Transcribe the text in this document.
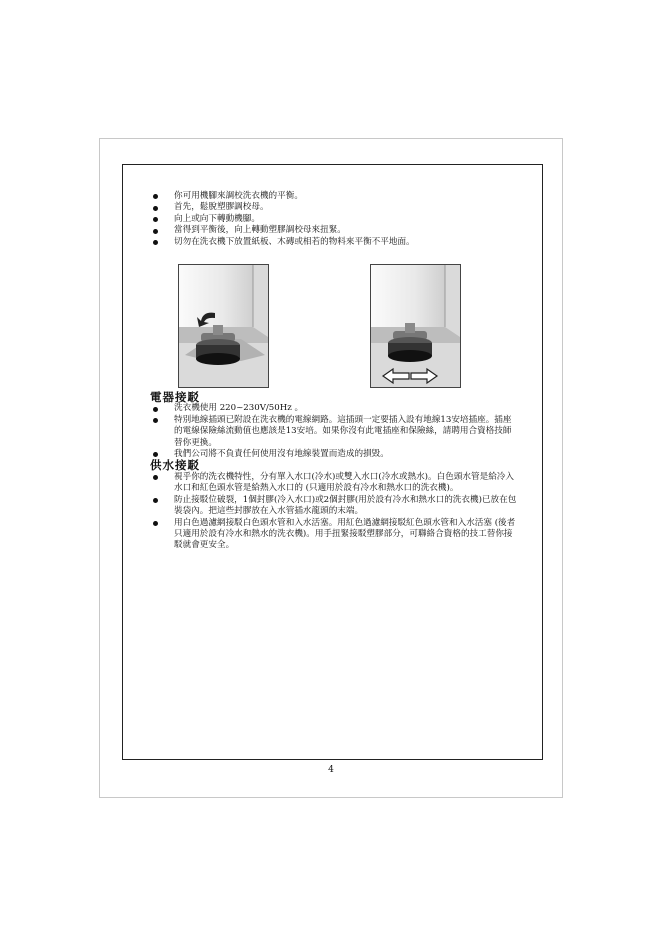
你可用機腳來調校洗衣機的平衡。
首先，鬆脫塑膠調校母。
向上或向下轉動機腳。
當得到平衡後，向上轉動塑膠調校母來扭緊。
切勿在洗衣機下放置紙板、木磚或相若的物料來平衡不平地面。
電器接駁
洗衣機使用 220~230V/50Hz 。
特別地線插頭已附設在洗衣機的電線網路。這插頭一定要插入設有地線13安培插座。插座的電線保險絲流動值也應該是13安培。如果你沒有此電插座和保險絲，請聘用合資格技師替你更換。
我們公司將不負責任何使用沒有地線裝置而造成的損毀。
供水接駁
視乎你的洗衣機特性，分有單入水口(冷水)或雙入水口(冷水或熱水)。白色頭水管是給冷入水口和紅色頭水管是給熱入水口的 (只適用於設有冷水和熱水口的洗衣機)。
防止接駁位破裂，1個封膠(冷入水口)或2個封膠(用於設有冷水和熱水口的洗衣機)已放在包裝袋內。把這些封膠放在入水管插水龍頭的末端。
用白色過濾網接駁白色頭水管和入水活塞。用紅色過濾網接駁紅色頭水管和入水活塞 (後者只適用於設有冷水和熱水的洗衣機)。用手扭緊接駁塑膠部分，可聯絡合資格的技工替你接駁就會更安全。
4
